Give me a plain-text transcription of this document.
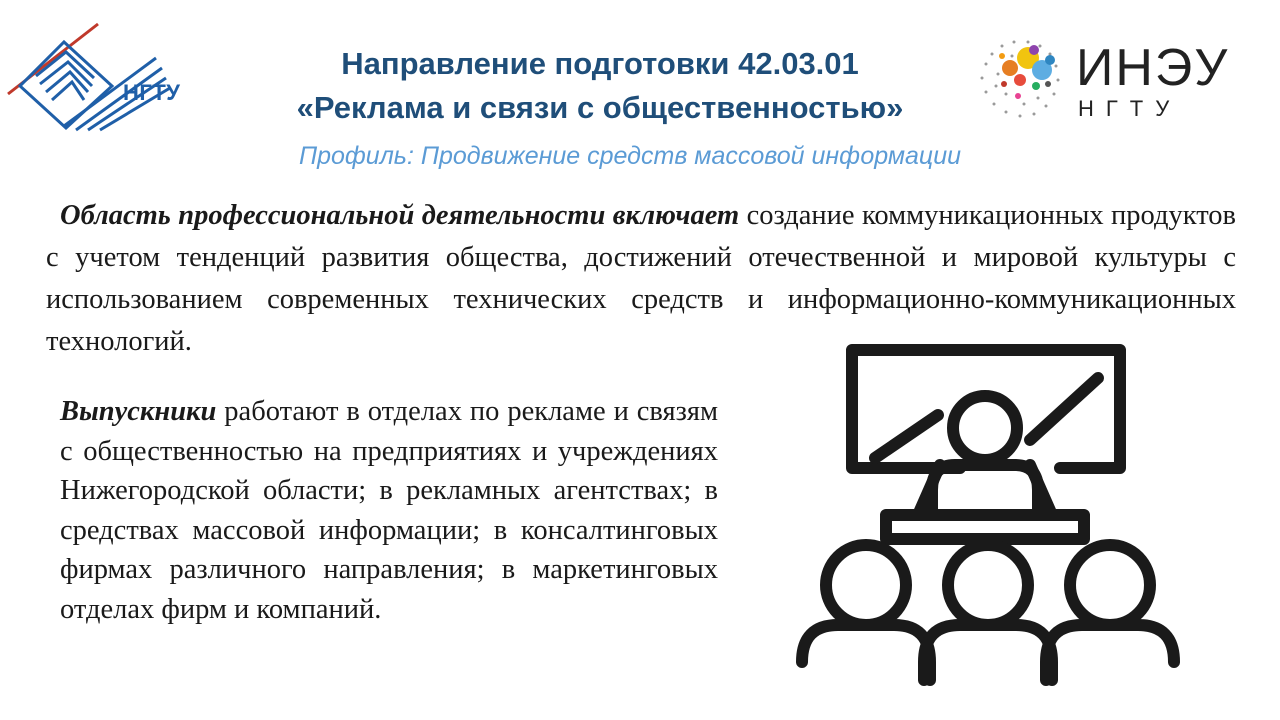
НГТУ
Направление подготовки 42.03.01
«Реклама и связи с общественностью»
Профиль: Продвижение средств массовой информации
ИНЭУ
НГТУ
Область профессиональной деятельности включает создание коммуникационных продуктов с учетом тенденций развития общества, достижений отечественной и мировой культуры с использованием современных технических средств и информационно-коммуникационных технологий.
Выпускники работают в отделах по рекламе и связям с общественностью на предприятиях и учреждениях Нижегородской области; в рекламных агентствах; в средствах массовой информации; в консалтинговых фирмах различного направления; в маркетинговых отделах фирм и компаний.
